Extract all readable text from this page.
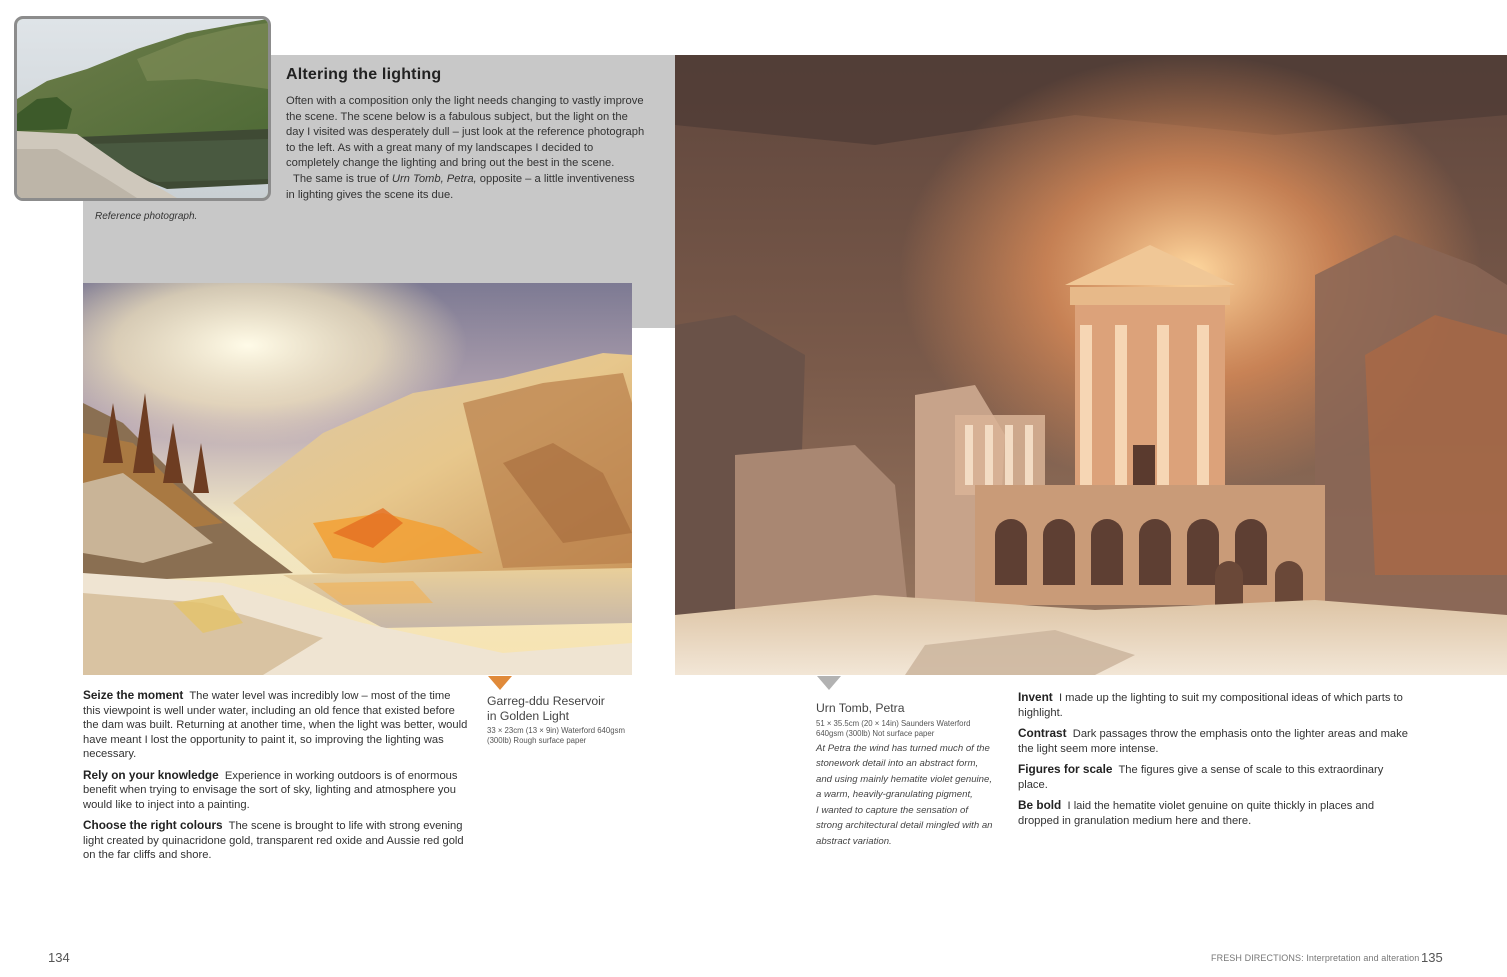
Reference photograph.
Altering the lighting

Often with a composition only the light needs changing to vastly improve the scene. The scene below is a fabulous subject, but the light on the day I visited was desperately dull – just look at the reference photograph to the left. As with a great many of my landscapes I decided to completely change the lighting and bring out the best in the scene.

The same is true of Urn Tomb, Petra, opposite – a little inventiveness in lighting gives the scene its due.

Garreg-ddu Reservoir
in Golden Light
33 × 23cm (13 × 9in) Waterford 640gsm
(300lb) Rough surface paper
Urn Tomb, Petra
51 × 35.5cm (20 × 14in) Saunders Waterford
640gsm (300lb) Not surface paper
At Petra the wind has turned much of the
stonework detail into an abstract form,
and using mainly hematite violet genuine,
a warm, heavily-granulating pigment,
I wanted to capture the sensation of
strong architectural detail mingled with an
abstract variation.

Seize the moment The water level was incredibly low – most of the time this viewpoint is well under water, including an old fence that existed before the dam was built. Returning at another time, when the light was better, would have meant I lost the opportunity to paint it, so improving the lighting was necessary.

Rely on your knowledge Experience in working outdoors is of enormous benefit when trying to envisage the sort of sky, lighting and atmosphere you would like to inject into a painting.

Choose the right colours The scene is brought to life with strong evening light created by quinacridone gold, transparent red oxide and Aussie red gold on the far cliffs and shore.

Invent I made up the lighting to suit my compositional ideas of which parts to highlight.

Contrast Dark passages throw the emphasis onto the lighter areas and make the light seem more intense.

Figures for scale The figures give a sense of scale to this extraordinary place.

Be bold I laid the hematite violet genuine on quite thickly in places and dropped in granulation medium here and there.

134	FRESH DIRECTIONS: Interpretation and alteration 135
